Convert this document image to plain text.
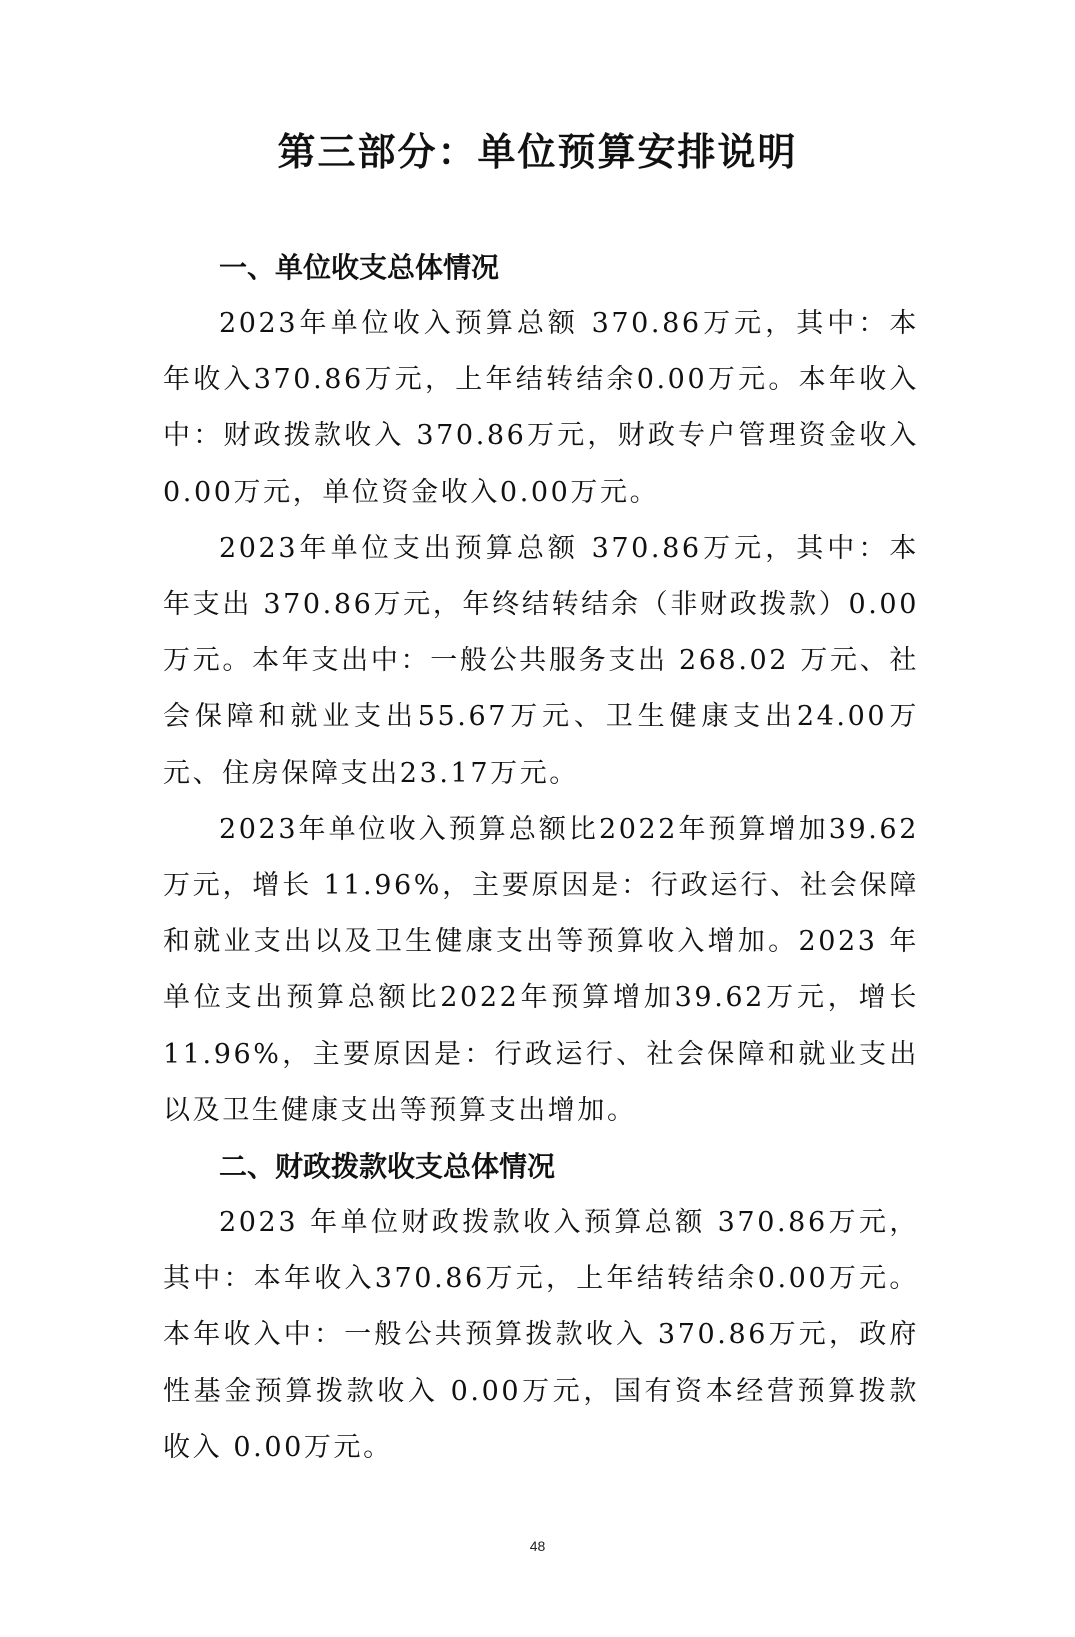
第三部分：单位预算安排说明
一、单位收支总体情况

2023年单位收入预算总额 370.86万元，其中：本年收入370.86万元，上年结转结余0.00万元。本年收入中：财政拨款收入 370.86万元，财政专户管理资金收入 0.00万元，单位资金收入0.00万元。

2023年单位支出预算总额 370.86万元，其中：本年支出 370.86万元，年终结转结余（非财政拨款）0.00万元。本年支出中：一般公共服务支出 268.02 万元、社会保障和就业支出55.67万元、卫生健康支出24.00万元、住房保障支出23.17万元。

2023年单位收入预算总额比2022年预算增加39.62万元，增长 11.96%，主要原因是：行政运行、社会保障和就业支出以及卫生健康支出等预算收入增加。2023 年单位支出预算总额比2022年预算增加39.62万元，增长11.96%，主要原因是：行政运行、社会保障和就业支出以及卫生健康支出等预算支出增加。

二、财政拨款收支总体情况

2023 年单位财政拨款收入预算总额 370.86万元，其中：本年收入370.86万元，上年结转结余0.00万元。本年收入中：一般公共预算拨款收入 370.86万元，政府性基金预算拨款收入 0.00万元，国有资本经营预算拨款收入 0.00万元。

48
